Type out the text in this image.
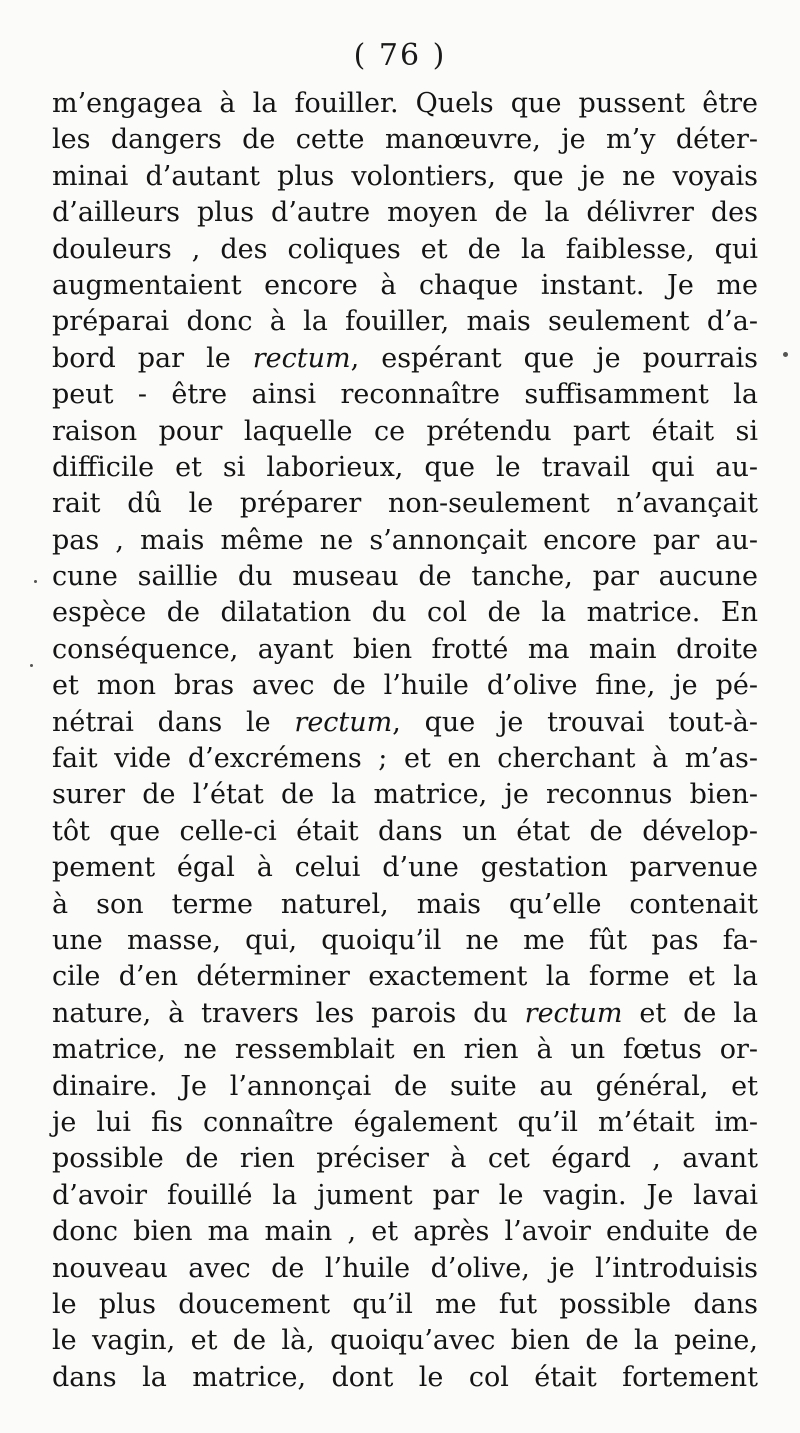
( 76 )
m’engagea à la fouiller. Quels que pussent être
les dangers de cette manœuvre, je m’y déter-
minai d’autant plus volontiers, que je ne voyais
d’ailleurs plus d’autre moyen de la délivrer des
douleurs , des coliques et de la faiblesse, qui
augmentaient encore à chaque instant. Je me
préparai donc à la fouiller, mais seulement d’a-
bord par le rectum, espérant que je pourrais
peut - être ainsi reconnaître suffisamment la
raison pour laquelle ce prétendu part était si
difficile et si laborieux, que le travail qui au-
rait dû le préparer non-seulement n’avançait
pas , mais même ne s’annonçait encore par au-
cune saillie du museau de tanche, par aucune
espèce de dilatation du col de la matrice. En
conséquence, ayant bien frotté ma main droite
et mon bras avec de l’huile d’olive fine, je pé-
nétrai dans le rectum, que je trouvai tout-à-
fait vide d’excrémens ; et en cherchant à m’as-
surer de l’état de la matrice, je reconnus bien-
tôt que celle-ci était dans un état de dévelop-
pement égal à celui d’une gestation parvenue
à son terme naturel, mais qu’elle contenait
une masse, qui, quoiqu’il ne me fût pas fa-
cile d’en déterminer exactement la forme et la
nature, à travers les parois du rectum et de la
matrice, ne ressemblait en rien à un fœtus or-
dinaire. Je l’annonçai de suite au général, et
je lui fis connaître également qu’il m’était im-
possible de rien préciser à cet égard , avant
d’avoir fouillé la jument par le vagin. Je lavai
donc bien ma main , et après l’avoir enduite de
nouveau avec de l’huile d’olive, je l’introduisis
le plus doucement qu’il me fut possible dans
le vagin, et de là, quoiqu’avec bien de la peine,
dans la matrice, dont le col était fortement
